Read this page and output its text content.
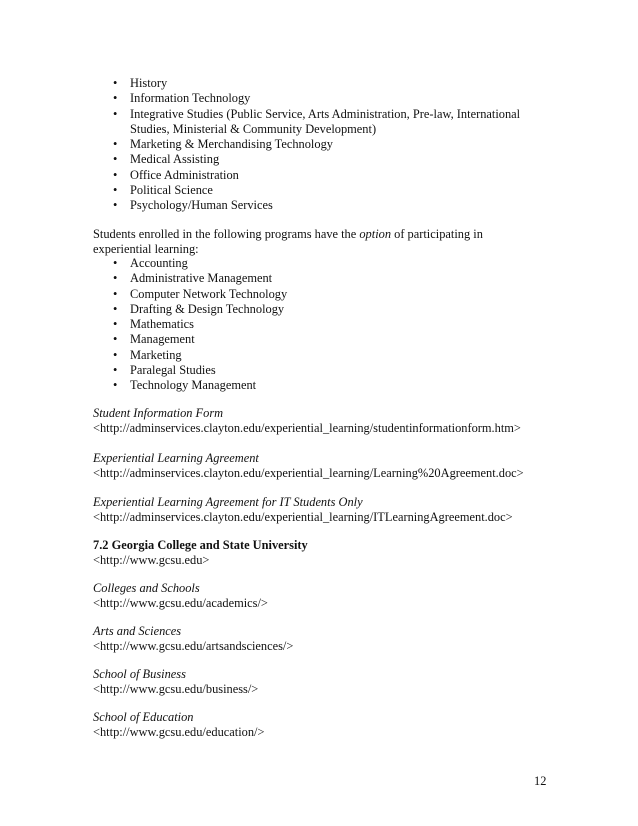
•	History
•	Information Technology
•	Integrative Studies (Public Service, Arts Administration, Pre-law, International Studies, Ministerial & Community Development)
•	Marketing & Merchandising Technology
•	Medical Assisting
•	Office Administration
•	Political Science
•	Psychology/Human Services
Students enrolled in the following programs have the option of participating in experiential learning:
•	Accounting
•	Administrative Management
•	Computer Network Technology
•	Drafting & Design Technology
•	Mathematics
•	Management
•	Marketing
•	Paralegal Studies
•	Technology Management
Student Information Form
<http://adminservices.clayton.edu/experiential_learning/studentinformationform.htm>
Experiential Learning Agreement
<http://adminservices.clayton.edu/experiential_learning/Learning%20Agreement.doc>
Experiential Learning Agreement for IT Students Only
<http://adminservices.clayton.edu/experiential_learning/ITLearningAgreement.doc>
7.2 Georgia College and State University
<http://www.gcsu.edu>
Colleges and Schools
<http://www.gcsu.edu/academics/>
Arts and Sciences
<http://www.gcsu.edu/artsandsciences/>
School of Business
<http://www.gcsu.edu/business/>
School of Education
<http://www.gcsu.edu/education/>
12
